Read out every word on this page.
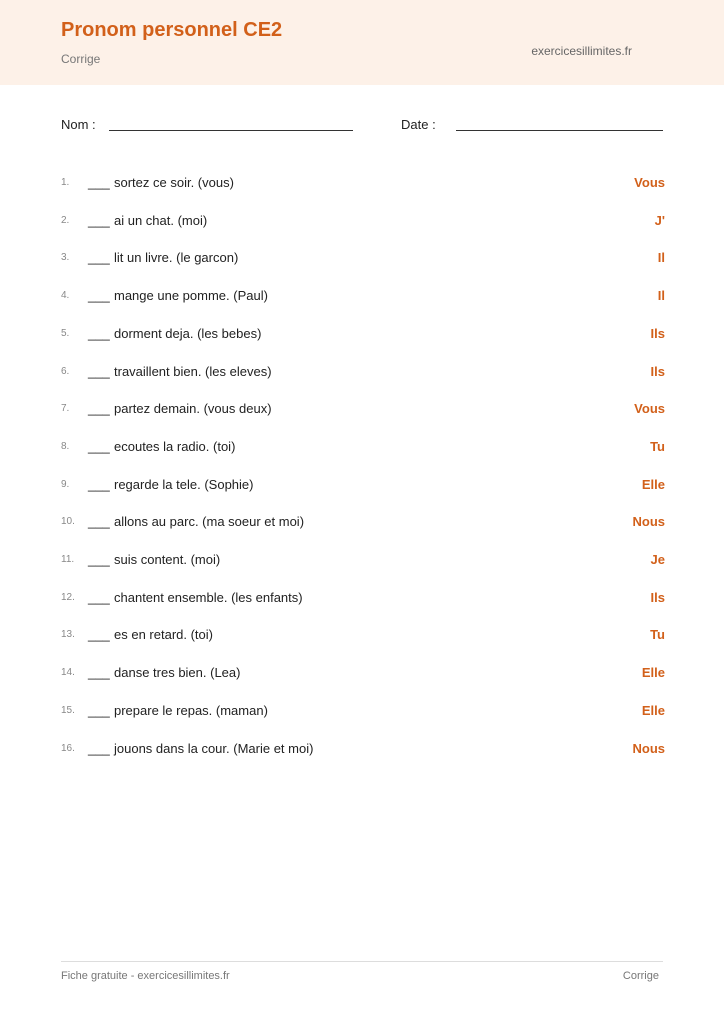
Pronom personnel CE2
Corrige
exercicesillimites.fr
Nom :	Date :
1.	___ sortez ce soir. (vous)	Vous
2.	___ ai un chat. (moi)	J'
3.	___ lit un livre. (le garcon)	Il
4.	___ mange une pomme. (Paul)	Il
5.	___ dorment deja. (les bebes)	Ils
6.	___ travaillent bien. (les eleves)	Ils
7.	___ partez demain. (vous deux)	Vous
8.	___ ecoutes la radio. (toi)	Tu
9.	___ regarde la tele. (Sophie)	Elle
10.	___ allons au parc. (ma soeur et moi)	Nous
11.	___ suis content. (moi)	Je
12.	___ chantent ensemble. (les enfants)	Ils
13.	___ es en retard. (toi)	Tu
14.	___ danse tres bien. (Lea)	Elle
15.	___ prepare le repas. (maman)	Elle
16.	___ jouons dans la cour. (Marie et moi)	Nous
Fiche gratuite - exercicesillimites.fr	Corrige
